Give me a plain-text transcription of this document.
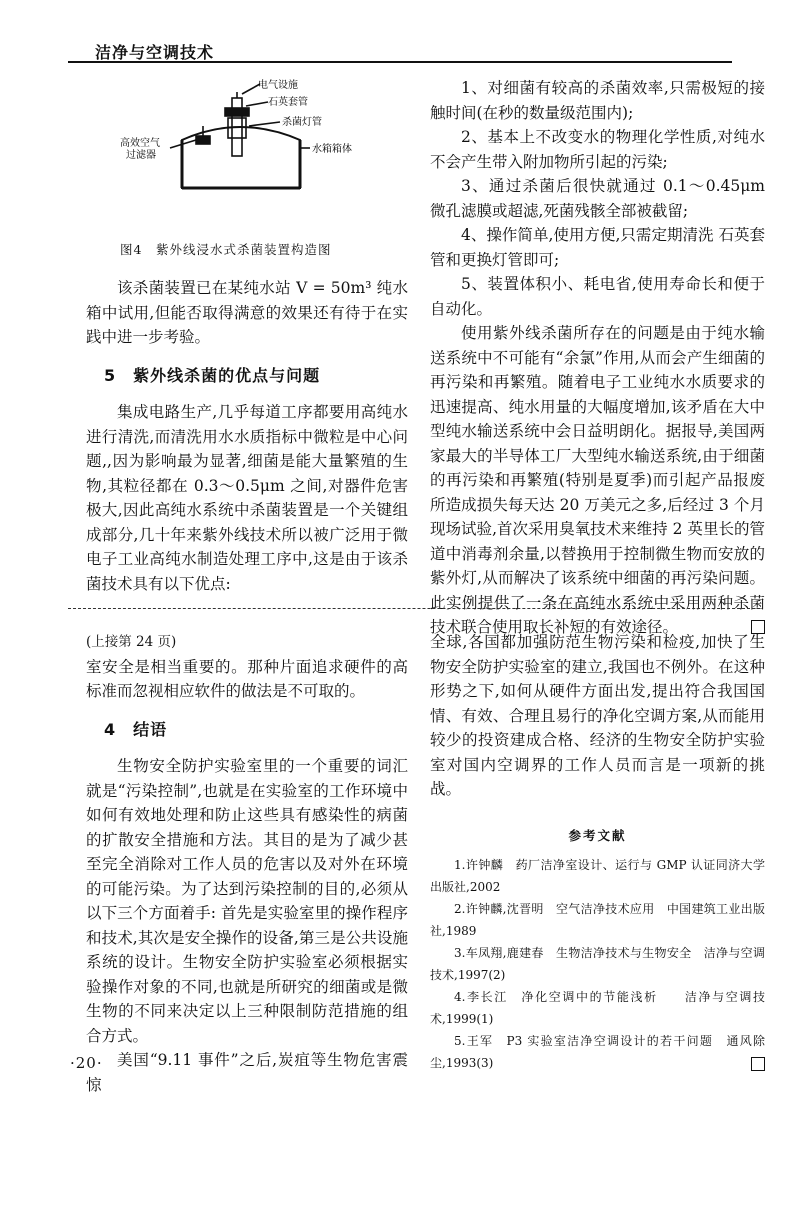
洁净与空调技术
电气设施
石英套管
杀菌灯管
水箱箱体
高效空气 过滤器
图4　紫外线浸水式杀菌装置构造图

该杀菌装置已在某纯水站 V = 50m³ 纯水箱中试用,但能否取得满意的效果还有待于在实践中进一步考验。

5　紫外线杀菌的优点与问题

集成电路生产,几乎每道工序都要用高纯水进行清洗,而清洗用水水质指标中微粒是中心问题,,因为影响最为显著,细菌是能大量繁殖的生物,其粒径都在 0.3～0.5μm 之间,对器件危害极大,因此高纯水系统中杀菌装置是一个关键组成部分,几十年来紫外线技术所以被广泛用于微电子工业高纯水制造处理工序中,这是由于该杀菌技术具有以下优点:

1、对细菌有较高的杀菌效率,只需极短的接触时间(在秒的数量级范围内);

2、基本上不改变水的物理化学性质,对纯水不会产生带入附加物所引起的污染;

3、通过杀菌后很快就通过 0.1～0.45μm 微孔滤膜或超滤,死菌残骸全部被截留;

4、操作简单,使用方便,只需定期清洗 石英套管和更换灯管即可;

5、装置体积小、耗电省,使用寿命长和便于自动化。

使用紫外线杀菌所存在的问题是由于纯水输送系统中不可能有“余氯”作用,从而会产生细菌的再污染和再繁殖。随着电子工业纯水水质要求的迅速提高、纯水用量的大幅度增加,该矛盾在大中型纯水输送系统中会日益明朗化。据报导,美国两家最大的半导体工厂大型纯水输送系统,由于细菌的再污染和再繁殖(特别是夏季)而引起产品报废所造成损失每天达 20 万美元之多,后经过 3 个月现场试验,首次采用臭氧技术来维持 2 英里长的管道中消毒剂余量,以替换用于控制微生物而安放的紫外灯,从而解决了该系统中细菌的再污染问题。此实例提供了一条在高纯水系统中采用两种杀菌技术联合使用取长补短的有效途径。

(上接第 24 页)

室安全是相当重要的。那种片面追求硬件的高标准而忽视相应软件的做法是不可取的。

4　结语

生物安全防护实验室里的一个重要的词汇就是“污染控制”,也就是在实验室的工作环境中如何有效地处理和防止这些具有感染性的病菌的扩散安全措施和方法。其目的是为了减少甚至完全消除对工作人员的危害以及对外在环境的可能污染。为了达到污染控制的目的,必须从以下三个方面着手: 首先是实验室里的操作程序和技术,其次是安全操作的设备,第三是公共设施系统的设计。生物安全防护实验室必须根据实验操作对象的不同,也就是所研究的细菌或是微生物的不同来决定以上三种限制防范措施的组合方式。

美国“9.11 事件”之后,炭疽等生物危害震惊

全球,各国都加强防范生物污染和检疫,加快了生物安全防护实验室的建立,我国也不例外。在这种形势之下,如何从硬件方面出发,提出符合我国国情、有效、合理且易行的净化空调方案,从而能用较少的投资建成合格、经济的生物安全防护实验室对国内空调界的工作人员而言是一项新的挑战。

参考文献

1.许钟麟　药厂洁净室设计、运行与 GMP 认证同济大学出版社,2002

2.许钟麟,沈晋明　空气洁净技术应用　中国建筑工业出版社,1989

3.车凤翔,鹿建春　生物洁净技术与生物安全　洁净与空调技术,1997(2)

4.李长江　净化空调中的节能浅析　　洁净与空调技术,1999(1)

5.王军　P3 实验室洁净空调设计的若干问题　通风除尘,1993(3)

·20·
